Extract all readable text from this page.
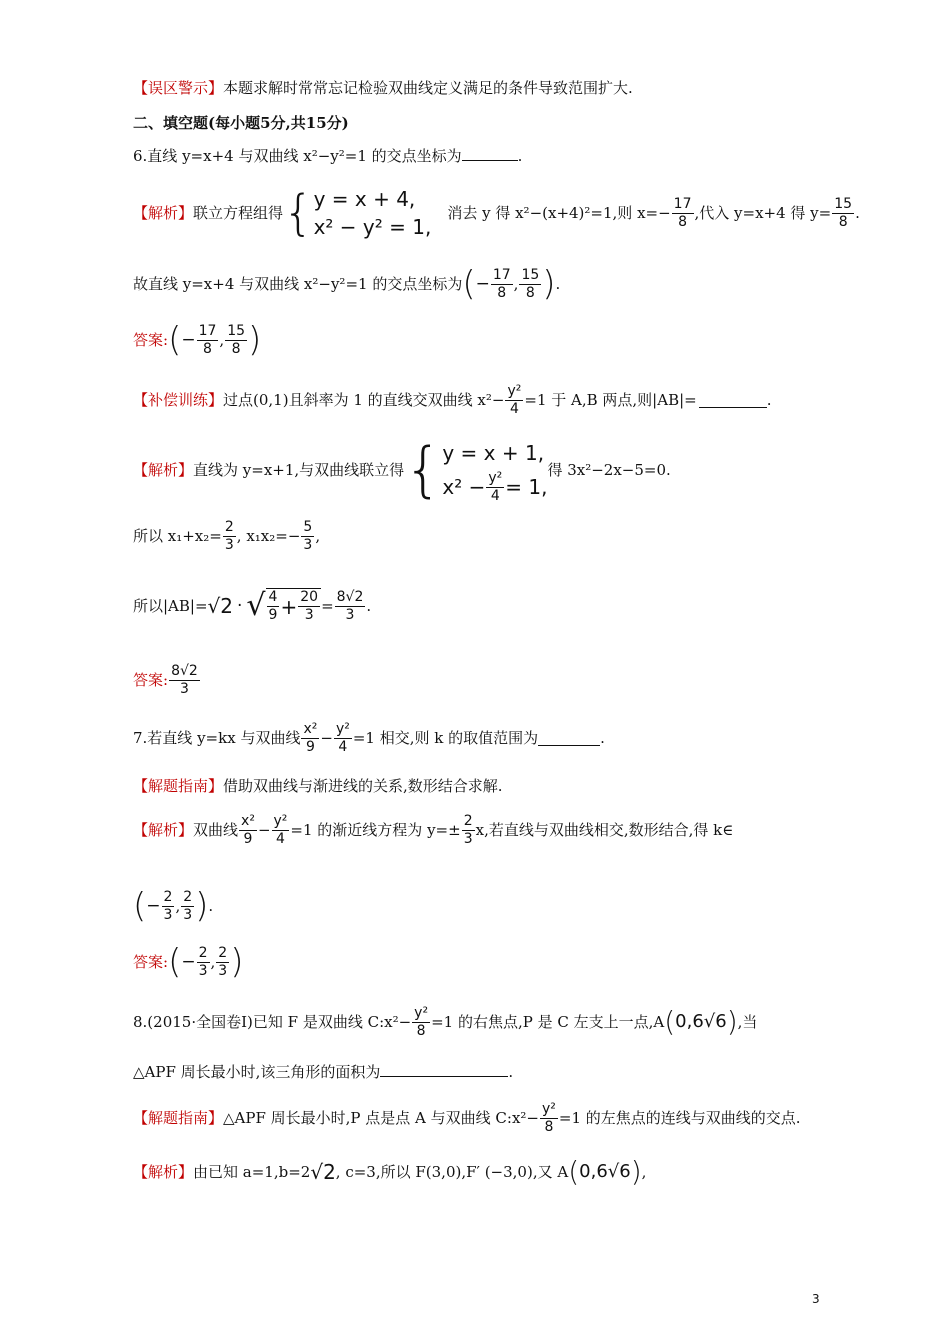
【误区警示】本题求解时常常忘记检验双曲线定义满足的条件导致范围扩大.
二、填空题(每小题5分,共15分)
6.直线 y=x+4 与双曲线 x²−y²=1 的交点坐标为	.
【解析】 联立方程组得 { y = x + 4,
x² − y² = 1,
消去 y 得 x²−(x+4)²=1,则 $x=- \frac{17}{8}$ ,代入 y=x+4 得 $y= \frac{15}{8}$ .
故直线 y=x+4 与双曲线 x²−y²=1 的交点坐标为 ( − $\frac{17}{8}$ , $\frac{15}{8}$ ) .
答案: ( − $\frac{17}{8}$ , $\frac{15}{8}$ )
【补偿训练】 过点(0,1)且斜率为 1 的直线交双曲线 $x^2- \frac{\text{y²}}{4} =1$ 于 A,B 两点,则|AB|=	.
【解析】 直线为 y=x+1,与双曲线联立得 { y = x + 1,
$x^2 - \frac{\text{y²}}{4} = 1$,
得 3x²−2x−5=0.
所以 $x_1+x_2= \frac{2}{3}$ , $x_1x_2=- \frac{5}{3}$ ,
所以|AB|= √2 · √ $\frac{4}{9} + \frac{20}{3} = \frac{8√2}{3}$ .
答案: $\frac{8√2}{3}$
7.若直线 y=kx 与双曲线 $\frac{\text{x²}}{9} - \frac{\text{y²}}{4} =1$ 相交,则 k 的取值范围为	.
【解题指南】借助双曲线与渐进线的关系,数形结合求解.
【解析】 双曲线 $\frac{\text{x²}}{9} - \frac{\text{y²}}{4} =1$ 的渐近线方程为 $y=\pm \frac{2}{3} x$,若直线与双曲线相交,数形结合,得 k∈
( − $\frac{2}{3}$ , $\frac{2}{3}$ ) .
答案: ( − $\frac{2}{3}$ , $\frac{2}{3}$ )
8.(2015·全国卷Ⅰ)已知 F 是双曲线 C:x²− $\frac{\text{y²}}{8} =1$ 的右焦点,P 是 C 左支上一点,A ( 0,6√6 ) ,当
△APF 周长最小时,该三角形的面积为	.
【解题指南】 △APF 周长最小时,P 点是点 A 与双曲线 C:x²− $\frac{\text{y²}}{8} =1$ 的左焦点的连线与双曲线的交点.
【解析】 由已知 a=1,b=2 √2 , c=3,所以 F(3,0),F′ (−3,0),又 A ( 0,6√6 ) ,
3
